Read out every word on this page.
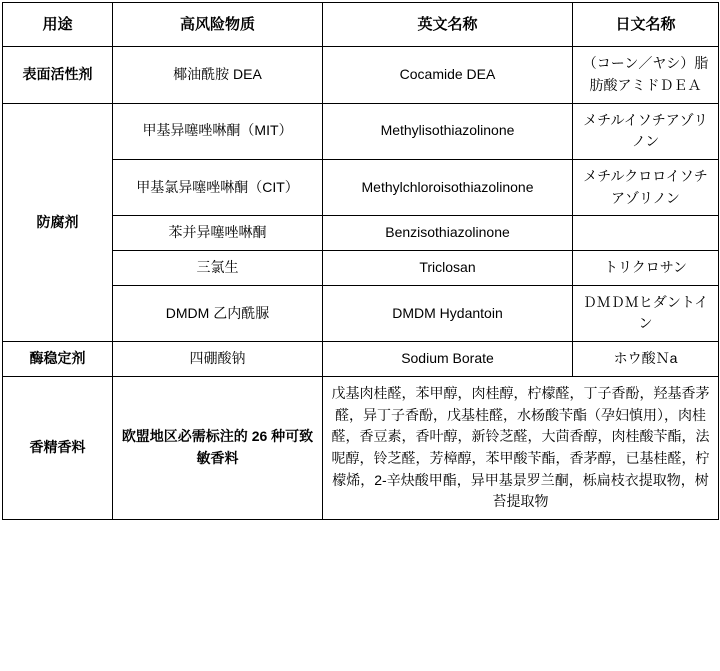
用途	高风险物质	英文名称	日文名称
表面活性剂	椰油酰胺 DEA	Cocamide DEA	（コーン／ヤシ）脂肪酸アミドＤＥＡ
防腐剂	甲基异噻唑啉酮（MIT）	Methylisothiazolinone	メチルイソチアゾリノン
	甲基氯异噻唑啉酮（CIT）	Methylchloroisothiazolinone	メチルクロロイソチアゾリノン
	苯并异噻唑啉酮	Benzisothiazolinone	
	三氯生	Triclosan	トリクロサン
	DMDM 乙内酰脲	DMDM Hydantoin	ＤＭＤＭヒダントイン
酶稳定剂	四硼酸钠	Sodium Borate	ホウ酸Ｎa
香精香料	欧盟地区必需标注的 26 种可致敏香料	戊基肉桂醛，苯甲醇，肉桂醇，柠檬醛，丁子香酚，羟基香茅醛，异丁子香酚，戊基桂醛，水杨酸苄酯（孕妇慎用），肉桂醛，香豆素，香叶醇，新铃芝醛，大茴香醇，肉桂酸苄酯，法呢醇，铃芝醛，芳樟醇，苯甲酸苄酯，香茅醇，已基桂醛，柠檬烯，2-辛炔酸甲酯，异甲基景罗兰酮，栎扁枝衣提取物，树苔提取物	
